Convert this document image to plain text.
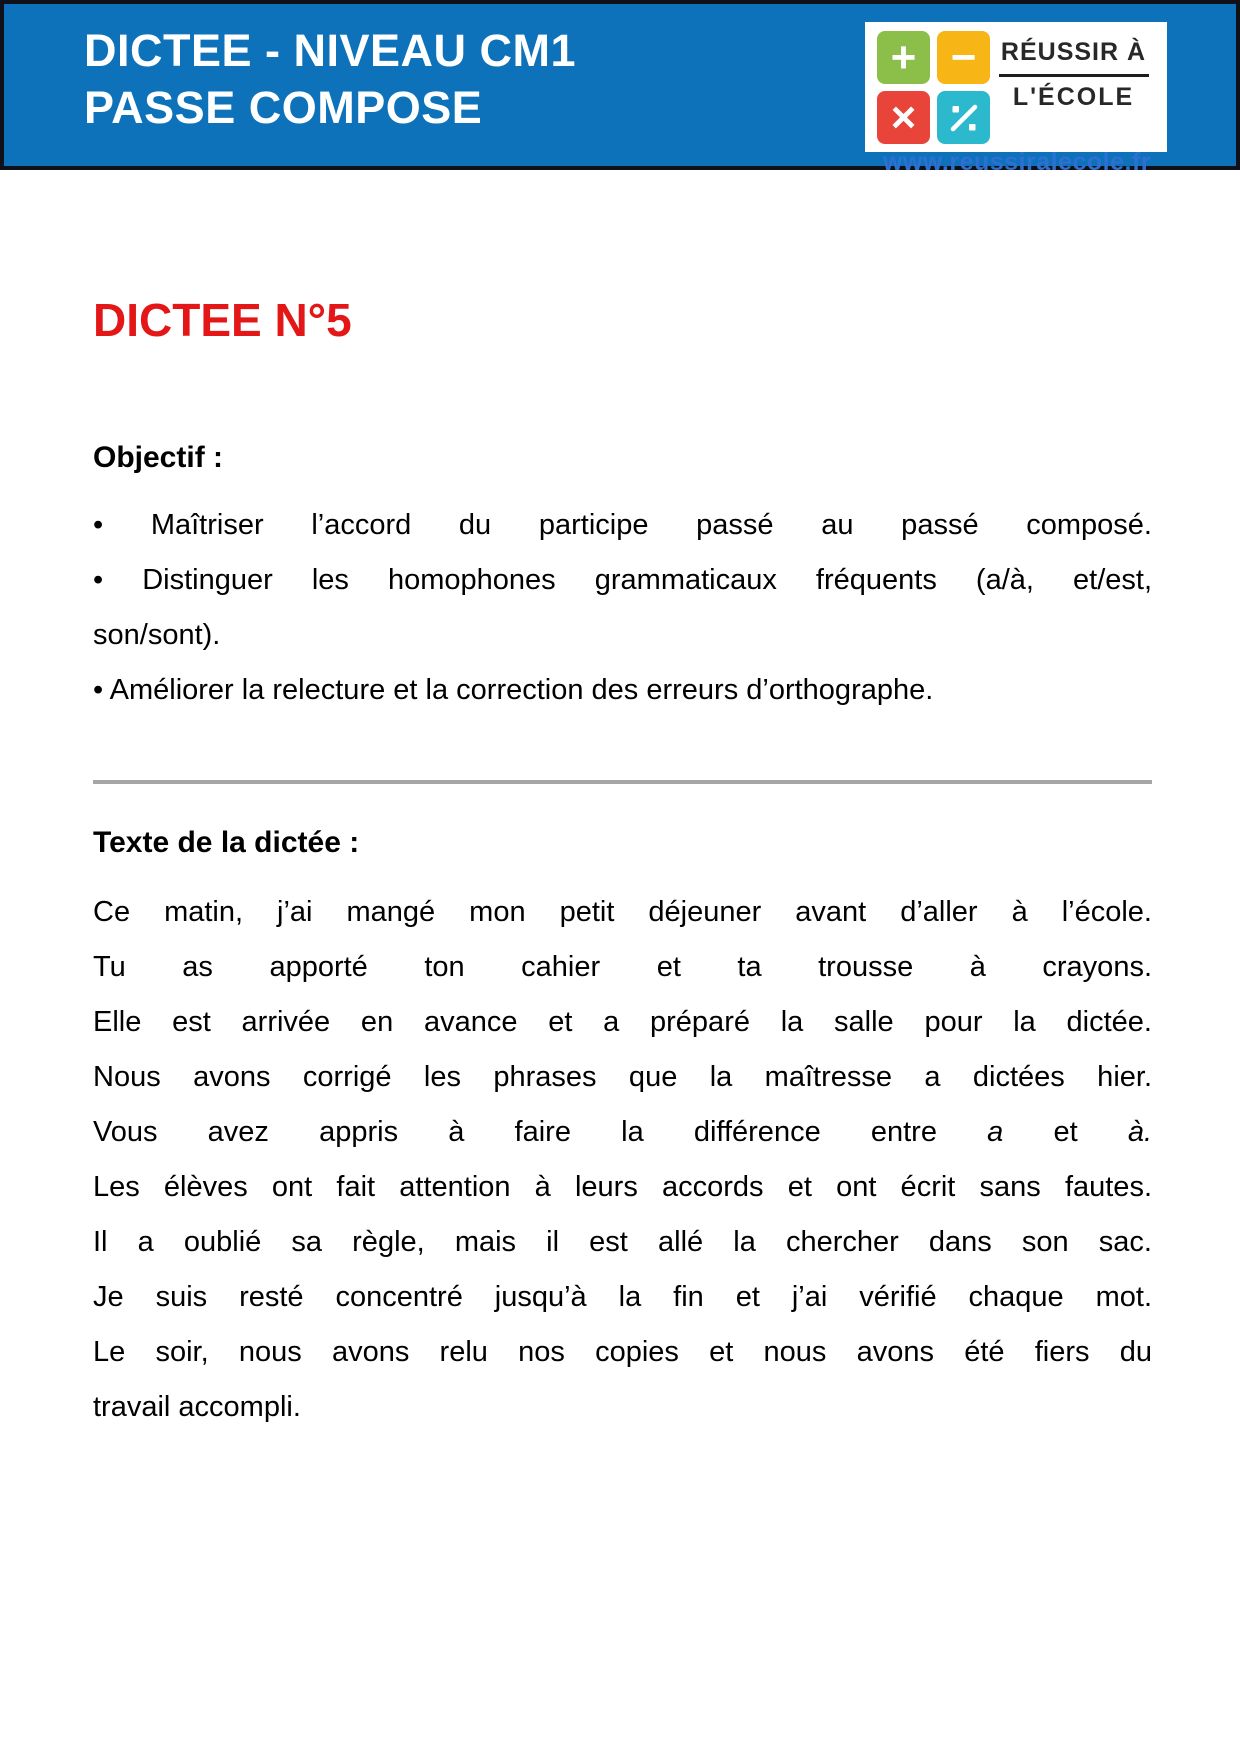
DICTEE - NIVEAU CM1
PASSE COMPOSE
+ −
×
RÉUSSIR À
L'ÉCOLE
www.reussiralecole.fr
DICTEE N°5
Objectif :
• Maîtriser l’accord du participe passé au passé composé.
• Distinguer les homophones grammaticaux fréquents (a/à, et/est,
son/sont).
• Améliorer la relecture et la correction des erreurs d’orthographe.
Texte de la dictée :
Ce matin, j’ai mangé mon petit déjeuner avant d’aller à l’école.
Tu as apporté ton cahier et ta trousse à crayons.
Elle est arrivée en avance et a préparé la salle pour la dictée.
Nous avons corrigé les phrases que la maîtresse a dictées hier.
Vous avez appris à faire la différence entre a et à.
Les élèves ont fait attention à leurs accords et ont écrit sans fautes.
Il a oublié sa règle, mais il est allé la chercher dans son sac.
Je suis resté concentré jusqu’à la fin et j’ai vérifié chaque mot.
Le soir, nous avons relu nos copies et nous avons été fiers du
travail accompli.
